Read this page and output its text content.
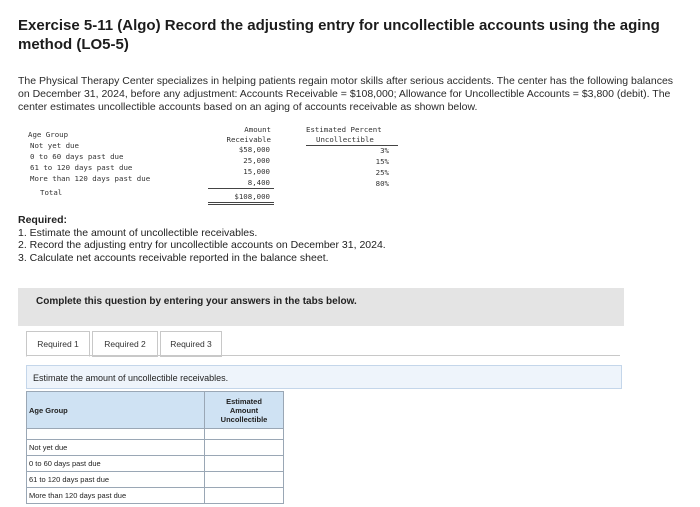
Exercise 5-11 (Algo) Record the adjusting entry for uncollectible accounts using the aging method (LO5-5)
The Physical Therapy Center specializes in helping patients regain motor skills after serious accidents. The center has the following balances on December 31, 2024, before any adjustment: Accounts Receivable = $108,000; Allowance for Uncollectible Accounts = $3,800 (debit). The center estimates uncollectible accounts based on an aging of accounts receivable as shown below.
Age Group
Amount
Receivable
Estimated Percent
Uncollectible
Not yet due	$58,000	3%
0 to 60 days past due	25,000	15%
61 to 120 days past due	15,000	25%
More than 120 days past due	8,400	80%
Total	$108,000
Required:
1. Estimate the amount of uncollectible receivables.
2. Record the adjusting entry for uncollectible accounts on December 31, 2024.
3. Calculate net accounts receivable reported in the balance sheet.
Complete this question by entering your answers in the tabs below.
Required 1	Required 2	Required 3
Estimate the amount of uncollectible receivables.
Age Group	Estimated
Amount
Uncollectible

Not yet due	
0 to 60 days past due	
61 to 120 days past due	
More than 120 days past due	
